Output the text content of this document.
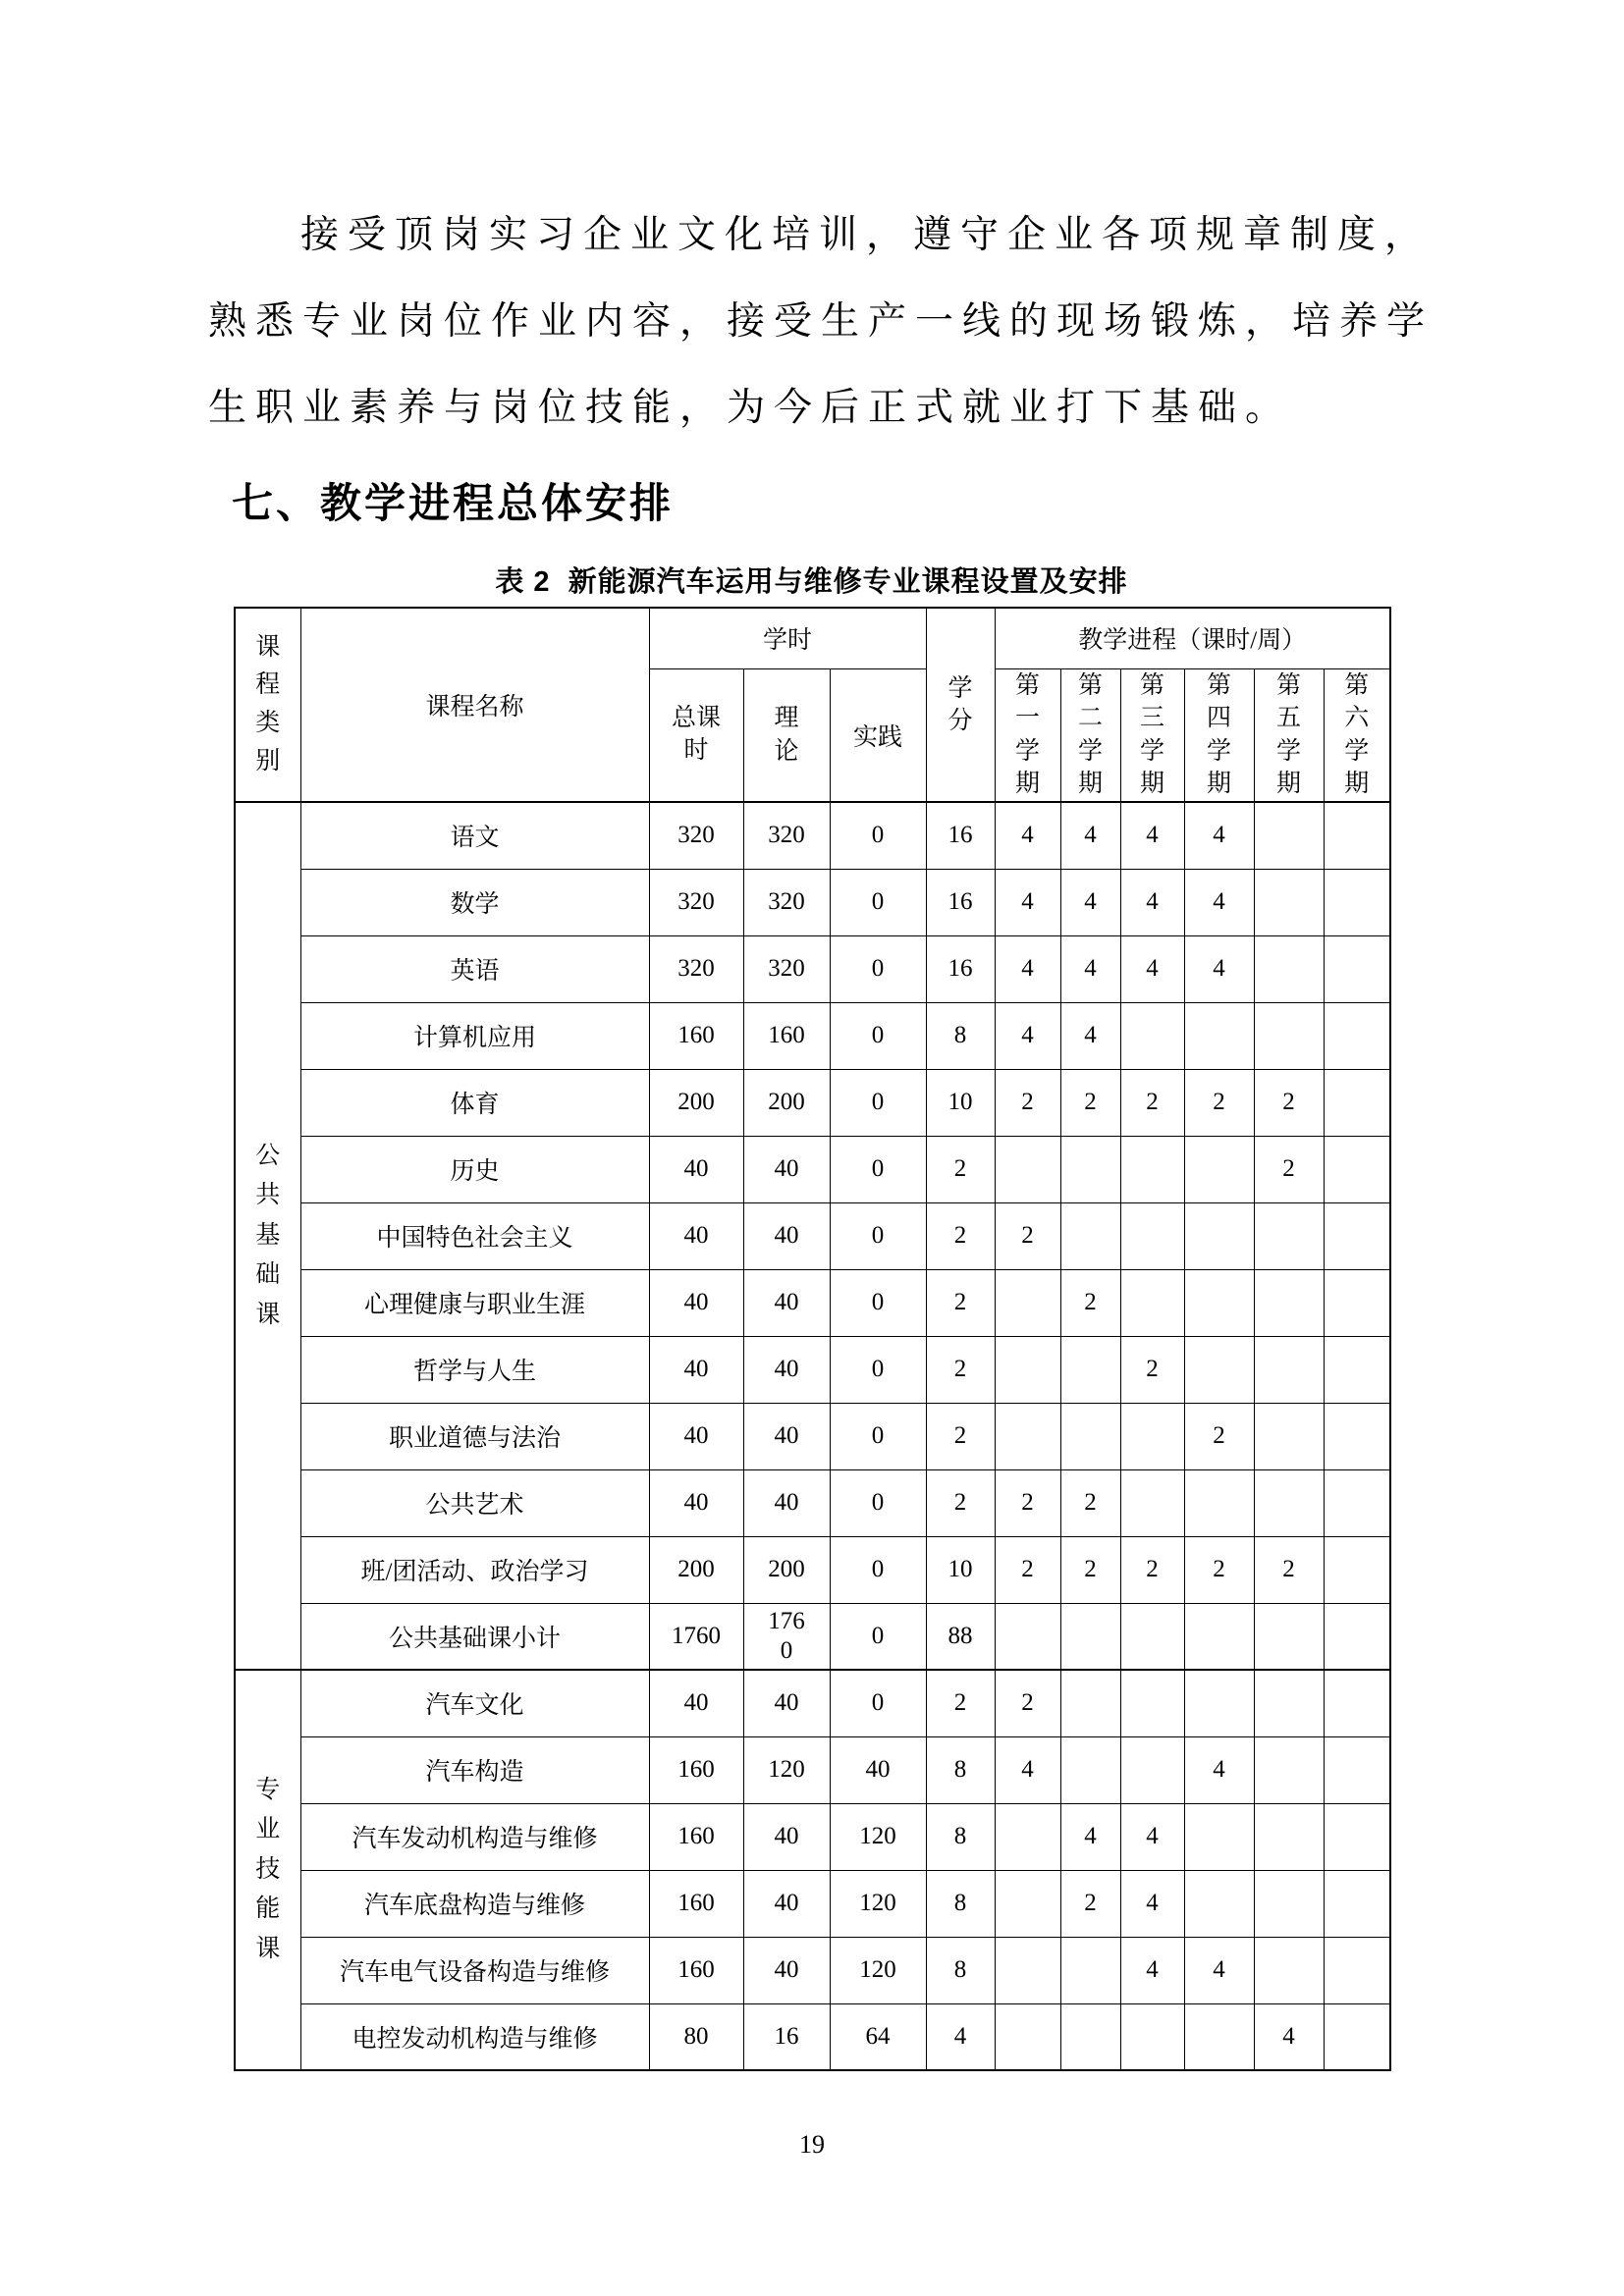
接受顶岗实习企业文化培训，遵守企业各项规章制度，
熟悉专业岗位作业内容，接受生产一线的现场锻炼，培养学
生职业素养与岗位技能，为今后正式就业打下基础。
七、教学进程总体安排
表 2  新能源汽车运用与维修专业课程设置及安排
课程类别	课程名称	学时			学分	教学进程（课时/周）					
		总课时	理论	实践		第一学期	第二学期	第三学期	第四学期	第五学期	第六学期
公共基础课	语文	320	320	0	16	4	4	4	4		
	数学	320	320	0	16	4	4	4	4		
	英语	320	320	0	16	4	4	4	4		
	计算机应用	160	160	0	8	4	4				
	体育	200	200	0	10	2	2	2	2	2	
	历史	40	40	0	2					2	
	中国特色社会主义	40	40	0	2	2					
	心理健康与职业生涯	40	40	0	2		2				
	哲学与人生	40	40	0	2			2			
	职业道德与法治	40	40	0	2				2		
	公共艺术	40	40	0	2	2	2				
	班/团活动、政治学习	200	200	0	10	2	2	2	2	2	
	公共基础课小计	1760	1760	0	88						
专业技能课	汽车文化	40	40	0	2	2					
	汽车构造	160	120	40	8	4			4		
	汽车发动机构造与维修	160	40	120	8		4	4			
	汽车底盘构造与维修	160	40	120	8		2	4			
	汽车电气设备构造与维修	160	40	120	8			4	4		
	电控发动机构造与维修	80	16	64	4					4	
19
